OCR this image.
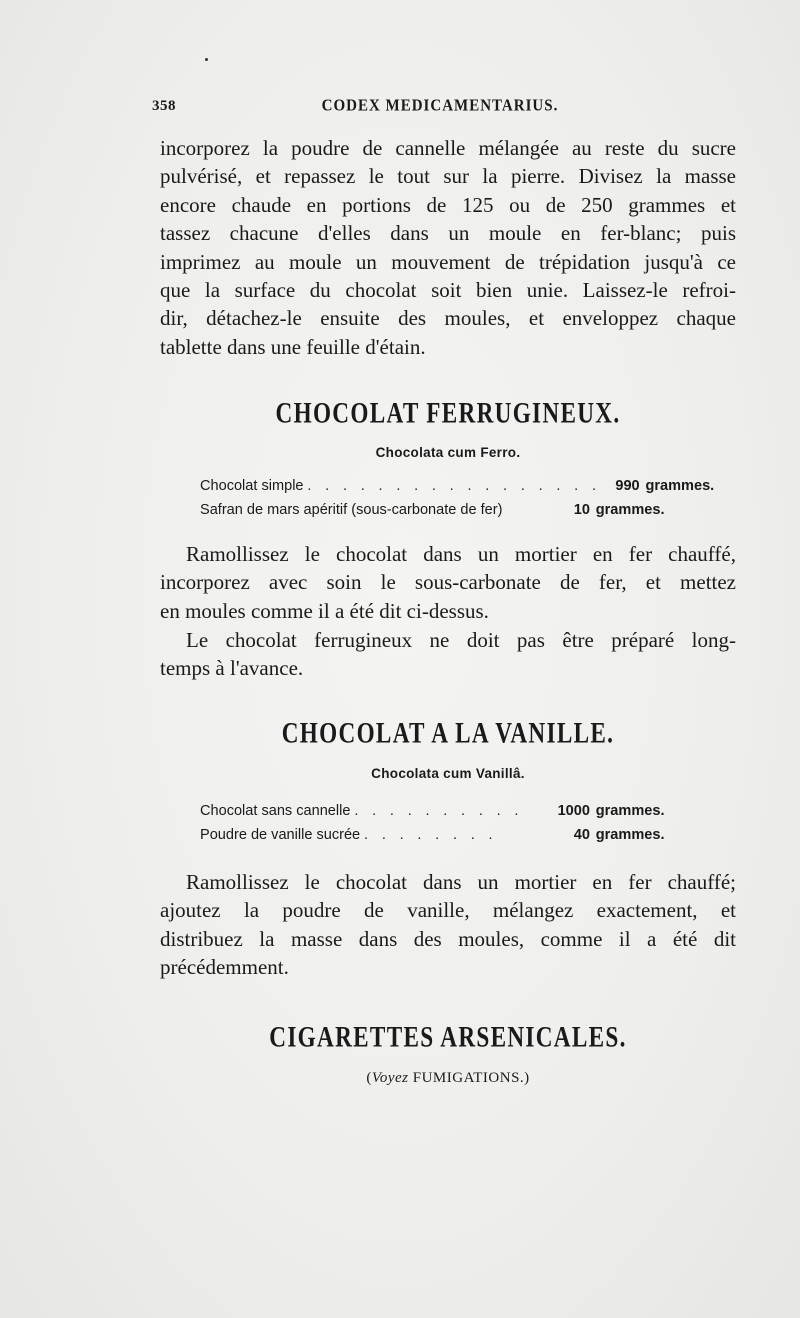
358	CODEX MEDICAMENTARIUS.
incorporez la poudre de cannelle mélangée au reste du sucre
pulvérisé, et repassez le tout sur la pierre. Divisez la masse
encore chaude en portions de 125 ou de 250 grammes et
tassez chacune d'elles dans un moule en fer-blanc; puis
imprimez au moule un mouvement de trépidation jusqu'à ce
que la surface du chocolat soit bien unie. Laissez-le refroi-
dir, détachez-le ensuite des moules, et enveloppez chaque
tablette dans une feuille d'étain.
CHOCOLAT FERRUGINEUX.

Chocolata cum Ferro.

Chocolat simple . . . . . . . . . . . . . . . . . 990 grammes.
Safran de mars apéritif (sous-carbonate de fer)	10 grammes.
Ramollissez le chocolat dans un mortier en fer chauffé,
incorporez avec soin le sous-carbonate de fer, et mettez
en moules comme il a été dit ci-dessus.
Le chocolat ferrugineux ne doit pas être préparé long-
temps à l'avance.
CHOCOLAT A LA VANILLE.

Chocolata cum Vanillâ.

Chocolat sans cannelle . . . . . . . . . .	1000 grammes.
Poudre de vanille sucrée . . . . . . . .	40 grammes.
Ramollissez le chocolat dans un mortier en fer chauffé;
ajoutez la poudre de vanille, mélangez exactement, et
distribuez la masse dans des moules, comme il a été dit
précédemment.
CIGARETTES ARSENICALES.

(Voyez FUMIGATIONS.)
